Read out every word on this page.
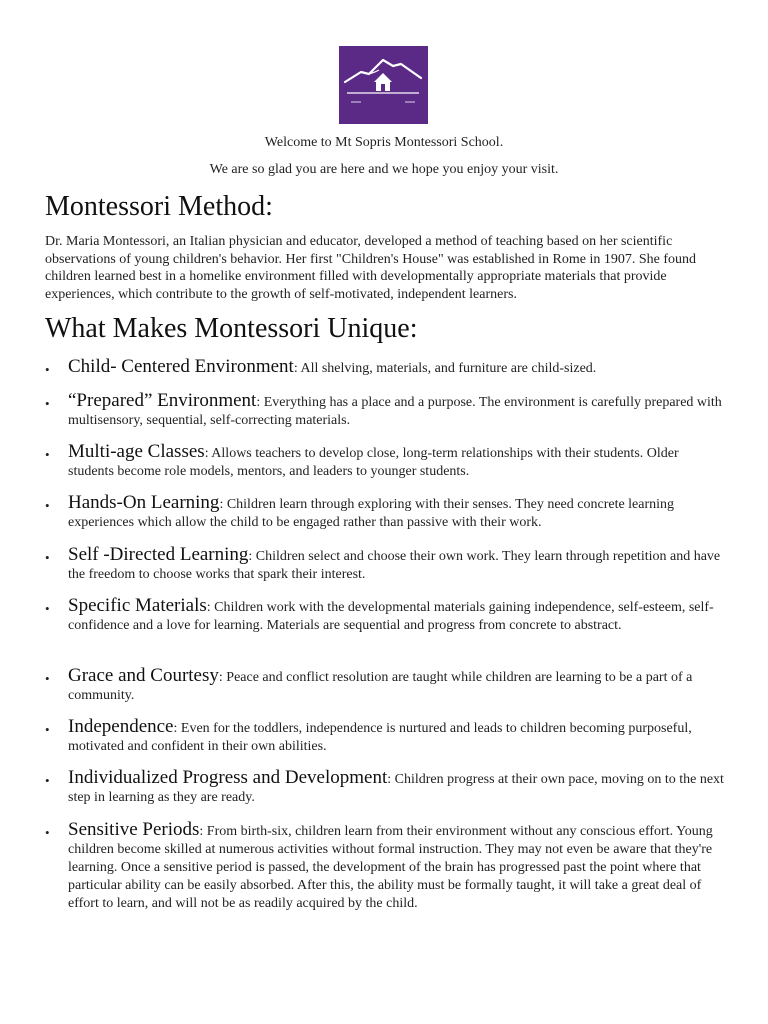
Welcome to Mt Sopris Montessori School.

We are so glad you are here and we hope you enjoy your visit.

Montessori Method:

Dr. Maria Montessori, an Italian physician and educator, developed a method of teaching based on her scientific observations of young children's behavior. Her first "Children's House" was established in Rome in 1907. She found children learned best in a homelike environment filled with developmentally appropriate materials that provide experiences, which contribute to the growth of self-motivated, independent learners.

What Makes Montessori Unique:
• Child- Centered Environment: All shelving, materials, and furniture are child-sized.
• “Prepared” Environment: Everything has a place and a purpose. The environment is carefully prepared with multisensory, sequential, self-correcting materials.
• Multi-age Classes: Allows teachers to develop close, long-term relationships with their students. Older students become role models, mentors, and leaders to younger students.
• Hands-On Learning: Children learn through exploring with their senses. They need concrete learning experiences which allow the child to be engaged rather than passive with their work.
• Self -Directed Learning: Children select and choose their own work. They learn through repetition and have the freedom to choose works that spark their interest.
• Specific Materials: Children work with the developmental materials gaining independence, self-esteem, self-confidence and a love for learning. Materials are sequential and progress from concrete to abstract.
• Grace and Courtesy: Peace and conflict resolution are taught while children are learning to be a part of a community.
• Independence: Even for the toddlers, independence is nurtured and leads to children becoming purposeful, motivated and confident in their own abilities.
• Individualized Progress and Development: Children progress at their own pace, moving on to the next step in learning as they are ready.
• Sensitive Periods: From birth-six, children learn from their environment without any conscious effort. Young children become skilled at numerous activities without formal instruction. They may not even be aware that they're learning. Once a sensitive period is passed, the development of the brain has progressed past the point where that particular ability can be easily absorbed. After this, the ability must be formally taught, it will take a great deal of effort to learn, and will not be as readily acquired by the child.
